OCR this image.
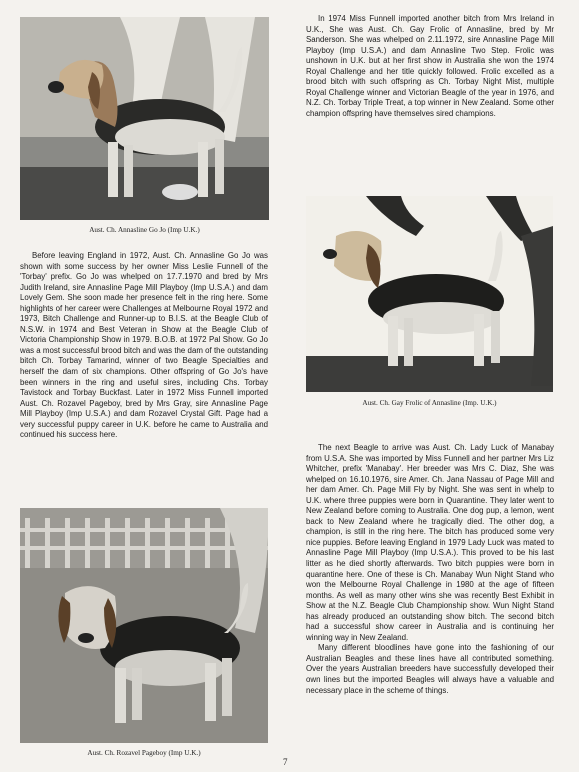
Aust. Ch. Annasline Go Jo (Imp U.K.)

Before leaving England in 1972, Aust. Ch. Annasline Go Jo was shown with some success by her owner Miss Leslie Funnell of the 'Torbay' prefix. Go Jo was whelped on 17.7.1970 and bred by Mrs Judith Ireland, sire Annasline Page Mill Playboy (Imp U.S.A.) and dam Lovely Gem. She soon made her presence felt in the ring here. Some highlights of her career were Challenges at Melbourne Royal 1972 and 1973, Bitch Challenge and Runner-up to B.I.S. at the Beagle Club of N.S.W. in 1974 and Best Veteran in Show at the Beagle Club of Victoria Championship Show in 1979. B.O.B. at 1972 Pal Show. Go Jo was a most successful brood bitch and was the dam of the outstanding bitch Ch. Torbay Tamarind, winner of two Beagle Specialties and herself the dam of six champions. Other offspring of Go Jo's have been winners in the ring and useful sires, including Chs. Torbay Tavistock and Torbay Buckfast. Later in 1972 Miss Funnell imported Aust. Ch. Rozavel Pageboy, bred by Mrs Gray, sire Annasline Page Mill Playboy (Imp U.S.A.) and dam Rozavel Crystal Gift. Page had a very successful puppy career in U.K. before he came to Australia and continued his success here.

Aust. Ch. Rozavel Pageboy (Imp U.K.)

In 1974 Miss Funnell imported another bitch from Mrs Ireland in U.K., She was Aust. Ch. Gay Frolic of Annasline, bred by Mr Sanderson. She was whelped on 2.11.1972, sire Annasline Page Mill Playboy (Imp U.S.A.) and dam Annasline Two Step. Frolic was unshown in U.K. but at her first show in Australia she won the 1974 Royal Challenge and her title quickly followed. Frolic excelled as a brood bitch with such offspring as Ch. Torbay Night Mist, multiple Royal Challenge winner and Victorian Beagle of the year in 1976, and N.Z. Ch. Torbay Triple Treat, a top winner in New Zealand. Some other champion offspring have themselves sired champions.

Aust. Ch. Gay Frolic of Annasline (Imp. U.K.)

The next Beagle to arrive was Aust. Ch. Lady Luck of Manabay from U.S.A. She was imported by Miss Funnell and her partner Mrs Liz Whitcher, prefix 'Manabay'. Her breeder was Mrs C. Diaz, She was whelped on 16.10.1976, sire Amer. Ch. Jana Nassau of Page Mill and her dam Amer. Ch. Page Mill Fly by Night. She was sent in whelp to U.K. where three puppies were born in Quarantine. They later went to New Zealand before coming to Australia. One dog pup, a lemon, went back to New Zealand where he tragically died. The other dog, a champion, is still in the ring here. The bitch has produced some very nice puppies. Before leaving England in 1979 Lady Luck was mated to Annasline Page Mill Playboy (Imp U.S.A.). This proved to be his last litter as he died shortly afterwards. Two bitch puppies were born in quarantine here. One of these is Ch. Manabay Wun Night Stand who won the Melbourne Royal Challenge in 1980 at the age of fifteen months. As well as many other wins she was recently Best Exhibit in Show at the N.Z. Beagle Club Championship show. Wun Night Stand has already produced an outstanding show bitch. The second bitch had a successful show career in Australia and is continuing her winning way in New Zealand.

Many different bloodlines have gone into the fashioning of our Australian Beagles and these lines have all contributed something. Over the years Australian breeders have successfully developed their own lines but the imported Beagles will always have a valuable and necessary place in the scheme of things.

7
